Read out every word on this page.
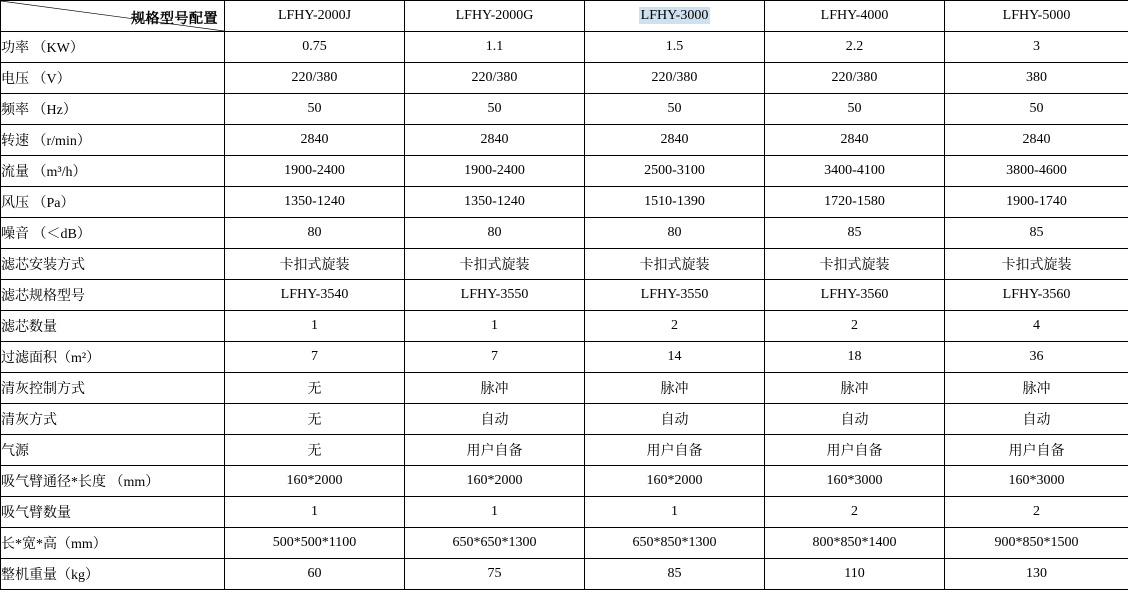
规格型号配置	LFHY-2000J	LFHY-2000G	LFHY-3000	LFHY-4000	LFHY-5000
功率 （KW）	0.75	1.1	1.5	2.2	3
电压 （V）	220/380	220/380	220/380	220/380	380
频率 （Hz）	50	50	50	50	50
转速 （r/min）	2840	2840	2840	2840	2840
流量 （m³/h）	1900-2400	1900-2400	2500-3100	3400-4100	3800-4600
风压 （Pa）	1350-1240	1350-1240	1510-1390	1720-1580	1900-1740
噪音 （＜dB）	80	80	80	85	85
滤芯安装方式	卡扣式旋装	卡扣式旋装	卡扣式旋装	卡扣式旋装	卡扣式旋装
滤芯规格型号	LFHY-3540	LFHY-3550	LFHY-3550	LFHY-3560	LFHY-3560
滤芯数量	1	1	2	2	4
过滤面积（m²）	7	7	14	18	36
清灰控制方式	无	脉冲	脉冲	脉冲	脉冲
清灰方式	无	自动	自动	自动	自动
气源	无	用户自备	用户自备	用户自备	用户自备
吸气臂通径*长度 （mm）	160*2000	160*2000	160*2000	160*3000	160*3000
吸气臂数量	1	1	1	2	2
长*宽*高（mm）	500*500*1100	650*650*1300	650*850*1300	800*850*1400	900*850*1500
整机重量（kg）	60	75	85	110	130
